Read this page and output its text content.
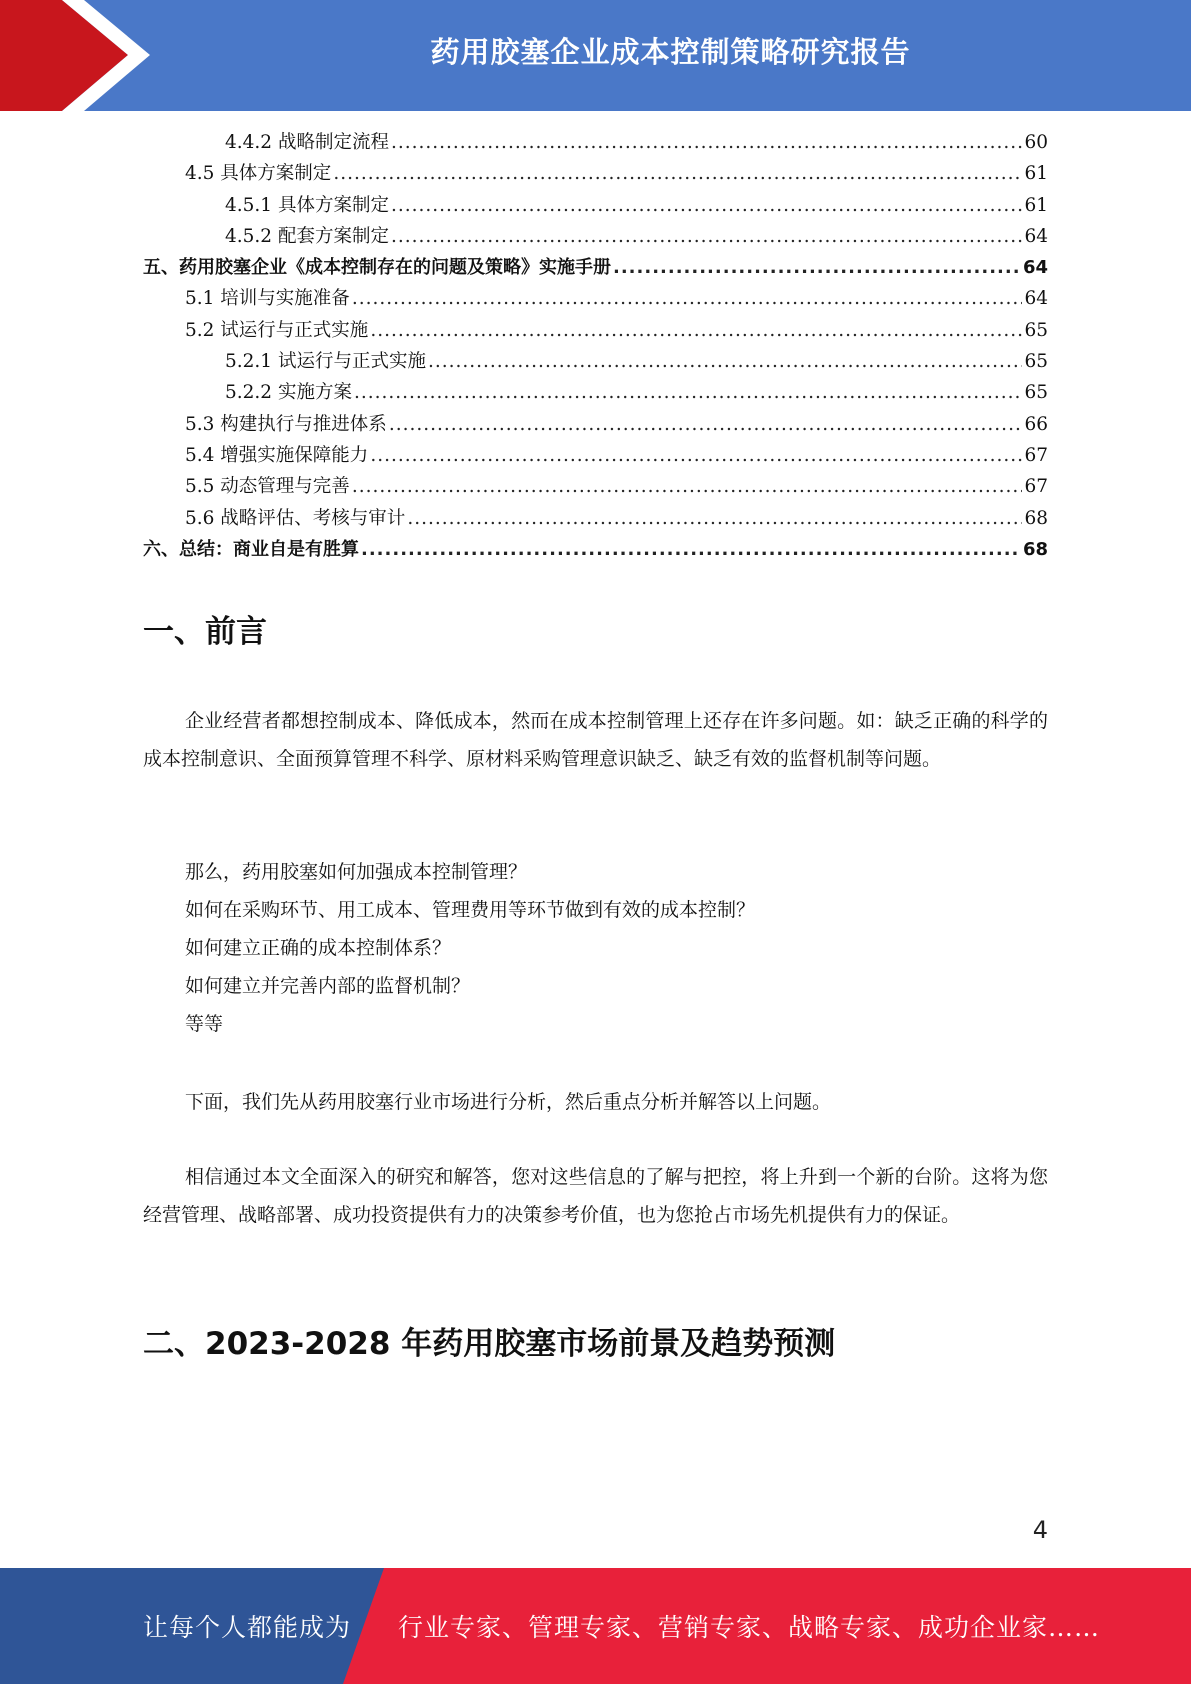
药用胶塞企业成本控制策略研究报告
4.4.2 战略制定流程 .....	60
4.5 具体方案制定 .....	61
4.5.1 具体方案制定 .....	61
4.5.2 配套方案制定 .....	64
五、药用胶塞企业《成本控制存在的问题及策略》实施手册 .....	64
5.1 培训与实施准备 .....	64
5.2 试运行与正式实施 .....	65
5.2.1 试运行与正式实施 .....	65
5.2.2 实施方案 .....	65
5.3 构建执行与推进体系 .....	66
5.4 增强实施保障能力 .....	67
5.5 动态管理与完善 .....	67
5.6 战略评估、考核与审计 .....	68
六、总结：商业自是有胜算 .....	68
一、前言

企业经营者都想控制成本、降低成本，然而在成本控制管理上还存在许多问题。如：缺乏正确的科学的成本控制意识、全面预算管理不科学、原材料采购管理意识缺乏、缺乏有效的监督机制等问题。

那么，药用胶塞如何加强成本控制管理？
如何在采购环节、用工成本、管理费用等环节做到有效的成本控制？
如何建立正确的成本控制体系？
如何建立并完善内部的监督机制？
等等

下面，我们先从药用胶塞行业市场进行分析，然后重点分析并解答以上问题。

相信通过本文全面深入的研究和解答，您对这些信息的了解与把控，将上升到一个新的台阶。这将为您经营管理、战略部署、成功投资提供有力的决策参考价值，也为您抢占市场先机提供有力的保证。

二、2023-2028 年药用胶塞市场前景及趋势预测
4
让每个人都能成为 行业专家、管理专家、营销专家、战略专家、成功企业家……
